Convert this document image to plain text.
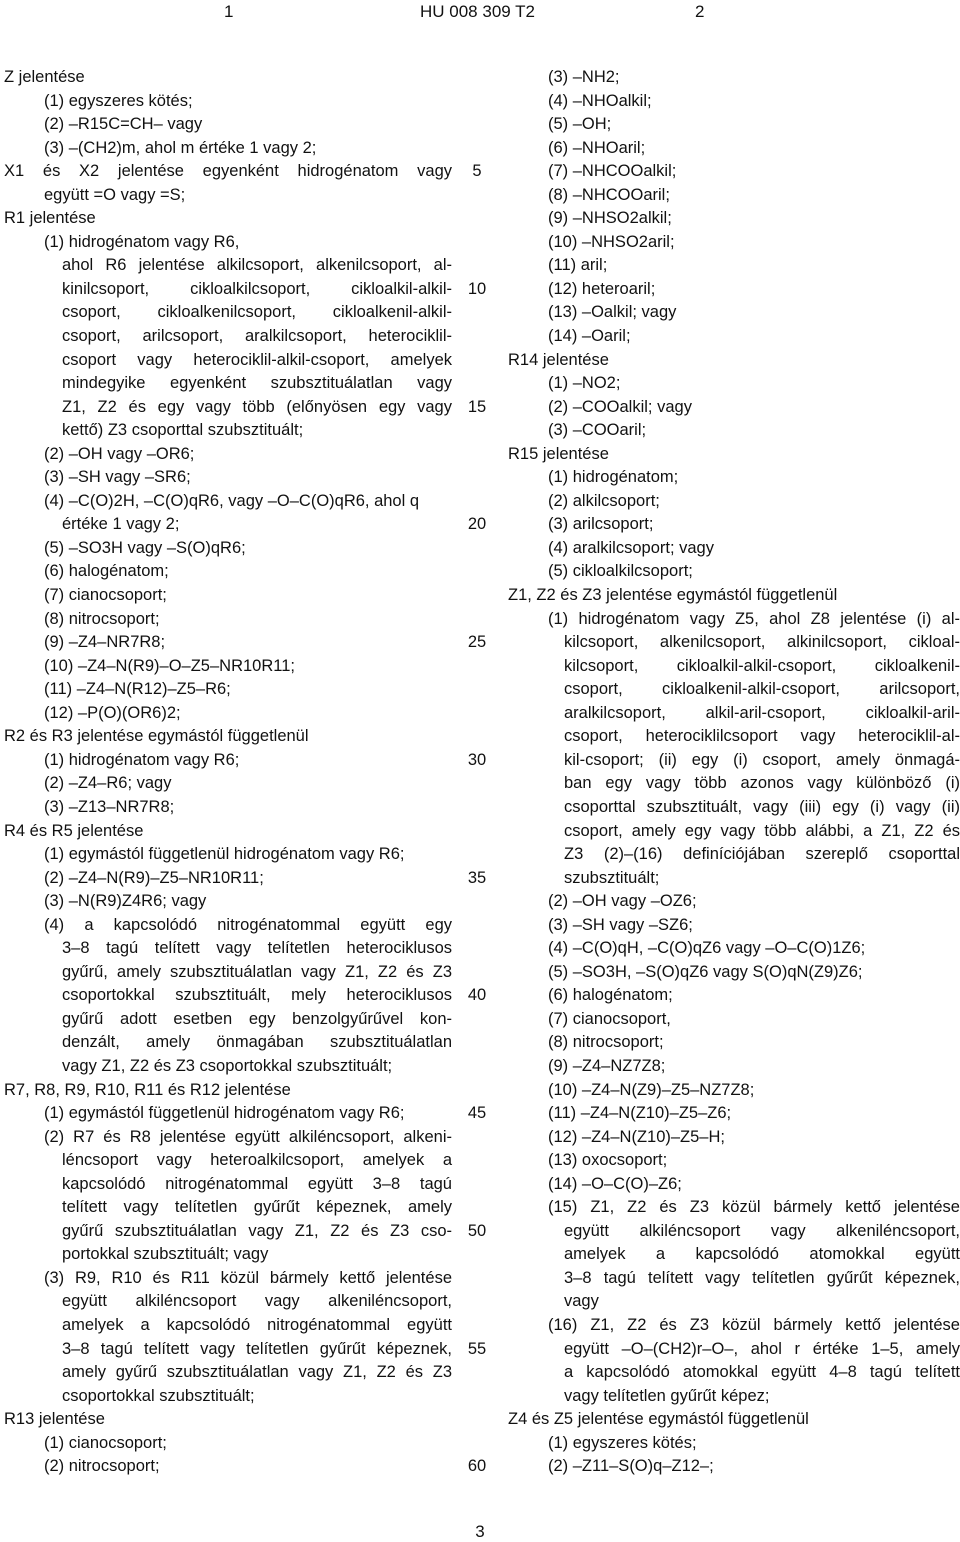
1	HU 008 309 T2	2
Z jelentése
(1) egyszeres kötés;
(2) –R15C=CH– vagy
(3) –(CH2)m, ahol m értéke 1 vagy 2;
X1 és X2 jelentése egyenként hidrogénatom vagy
együtt =O vagy =S;
R1 jelentése
(1) hidrogénatom vagy R6,
ahol R6 jelentése alkilcsoport, alkenilcsoport, al-
kinilcsoport, cikloalkilcsoport, cikloalkil-alkil-
csoport, cikloalkenilcsoport, cikloalkenil-alkil-
csoport, arilcsoport, aralkilcsoport, heterociklil-
csoport vagy heterociklil-alkil-csoport, amelyek
mindegyike egyenként szubsztituálatlan vagy
Z1, Z2 és egy vagy több (előnyösen egy vagy
kettő) Z3 csoporttal szubsztituált;
(2) –OH vagy –OR6;
(3) –SH vagy –SR6;
(4) –C(O)2H, –C(O)qR6, vagy –O–C(O)qR6, ahol q
értéke 1 vagy 2;
(5) –SO3H vagy –S(O)qR6;
(6) halogénatom;
(7) cianocsoport;
(8) nitrocsoport;
(9) –Z4–NR7R8;
(10) –Z4–N(R9)–O–Z5–NR10R11;
(11) –Z4–N(R12)–Z5–R6;
(12) –P(O)(OR6)2;
R2 és R3 jelentése egymástól függetlenül
(1) hidrogénatom vagy R6;
(2) –Z4–R6; vagy
(3) –Z13–NR7R8;
R4 és R5 jelentése
(1) egymástól függetlenül hidrogénatom vagy R6;
(2) –Z4–N(R9)–Z5–NR10R11;
(3) –N(R9)Z4R6; vagy
(4) a kapcsolódó nitrogénatommal együtt egy
3–8 tagú telített vagy telítetlen heterociklusos
gyűrű, amely szubsztituálatlan vagy Z1, Z2 és Z3
csoportokkal szubsztituált, mely heterociklusos
gyűrű adott esetben egy benzolgyűrűvel kon-
denzált, amely önmagában szubsztituálatlan
vagy Z1, Z2 és Z3 csoportokkal szubsztituált;
R7, R8, R9, R10, R11 és R12 jelentése
(1) egymástól függetlenül hidrogénatom vagy R6;
(2) R7 és R8 jelentése együtt alkiléncsoport, alkeni-
léncsoport vagy heteroalkilcsoport, amelyek a
kapcsolódó nitrogénatommal együtt 3–8 tagú
telített vagy telítetlen gyűrűt képeznek, amely
gyűrű szubsztituálatlan vagy Z1, Z2 és Z3 cso-
portokkal szubsztituált; vagy
(3) R9, R10 és R11 közül bármely kettő jelentése
együtt alkiléncsoport vagy alkeniléncsoport,
amelyek a kapcsolódó nitrogénatommal együtt
3–8 tagú telített vagy telítetlen gyűrűt képeznek,
amely gyűrű szubsztituálatlan vagy Z1, Z2 és Z3
csoportokkal szubsztituált;
R13 jelentése
(1) cianocsoport;
(2) nitrocsoport;
(3) –NH2;
(4) –NHOalkil;
(5) –OH;
(6) –NHOaril;
(7) –NHCOOalkil;
(8) –NHCOOaril;
(9) –NHSO2alkil;
(10) –NHSO2aril;
(11) aril;
(12) heteroaril;
(13) –Oalkil; vagy
(14) –Oaril;
R14 jelentése
(1) –NO2;
(2) –COOalkil; vagy
(3) –COOaril;
R15 jelentése
(1) hidrogénatom;
(2) alkilcsoport;
(3) arilcsoport;
(4) aralkilcsoport; vagy
(5) cikloalkilcsoport;
Z1, Z2 és Z3 jelentése egymástól függetlenül
(1) hidrogénatom vagy Z5, ahol Z8 jelentése (i) al-
kilcsoport, alkenilcsoport, alkinilcsoport, cikloal-
kilcsoport, cikloalkil-alkil-csoport, cikloalkenil-
csoport, cikloalkenil-alkil-csoport, arilcsoport,
aralkilcsoport, alkil-aril-csoport, cikloalkil-aril-
csoport, heterociklilcsoport vagy heterociklil-al-
kil-csoport; (ii) egy (i) csoport, amely önmagá-
ban egy vagy több azonos vagy különböző (i)
csoporttal szubsztituált, vagy (iii) egy (i) vagy (ii)
csoport, amely egy vagy több alábbi, a Z1, Z2 és
Z3 (2)–(16) definíciójában szereplő csoporttal
szubsztituált;
(2) –OH vagy –OZ6;
(3) –SH vagy –SZ6;
(4) –C(O)qH, –C(O)qZ6 vagy –O–C(O)1Z6;
(5) –SO3H, –S(O)qZ6 vagy S(O)qN(Z9)Z6;
(6) halogénatom;
(7) cianocsoport,
(8) nitrocsoport;
(9) –Z4–NZ7Z8;
(10) –Z4–N(Z9)–Z5–NZ7Z8;
(11) –Z4–N(Z10)–Z5–Z6;
(12) –Z4–N(Z10)–Z5–H;
(13) oxocsoport;
(14) –O–C(O)–Z6;
(15) Z1, Z2 és Z3 közül bármely kettő jelentése
együtt alkiléncsoport vagy alkeniléncsoport,
amelyek a kapcsolódó atomokkal együtt
3–8 tagú telített vagy telítetlen gyűrűt képeznek,
vagy
(16) Z1, Z2 és Z3 közül bármely kettő jelentése
együtt –O–(CH2)r–O–, ahol r értéke 1–5, amely
a kapcsolódó atomokkal együtt 4–8 tagú telített
vagy telítetlen gyűrűt képez;
Z4 és Z5 jelentése egymástól függetlenül
(1) egyszeres kötés;
(2) –Z11–S(O)q–Z12–;
5
10
15
20
25
30
35
40
45
50
55
60
3
